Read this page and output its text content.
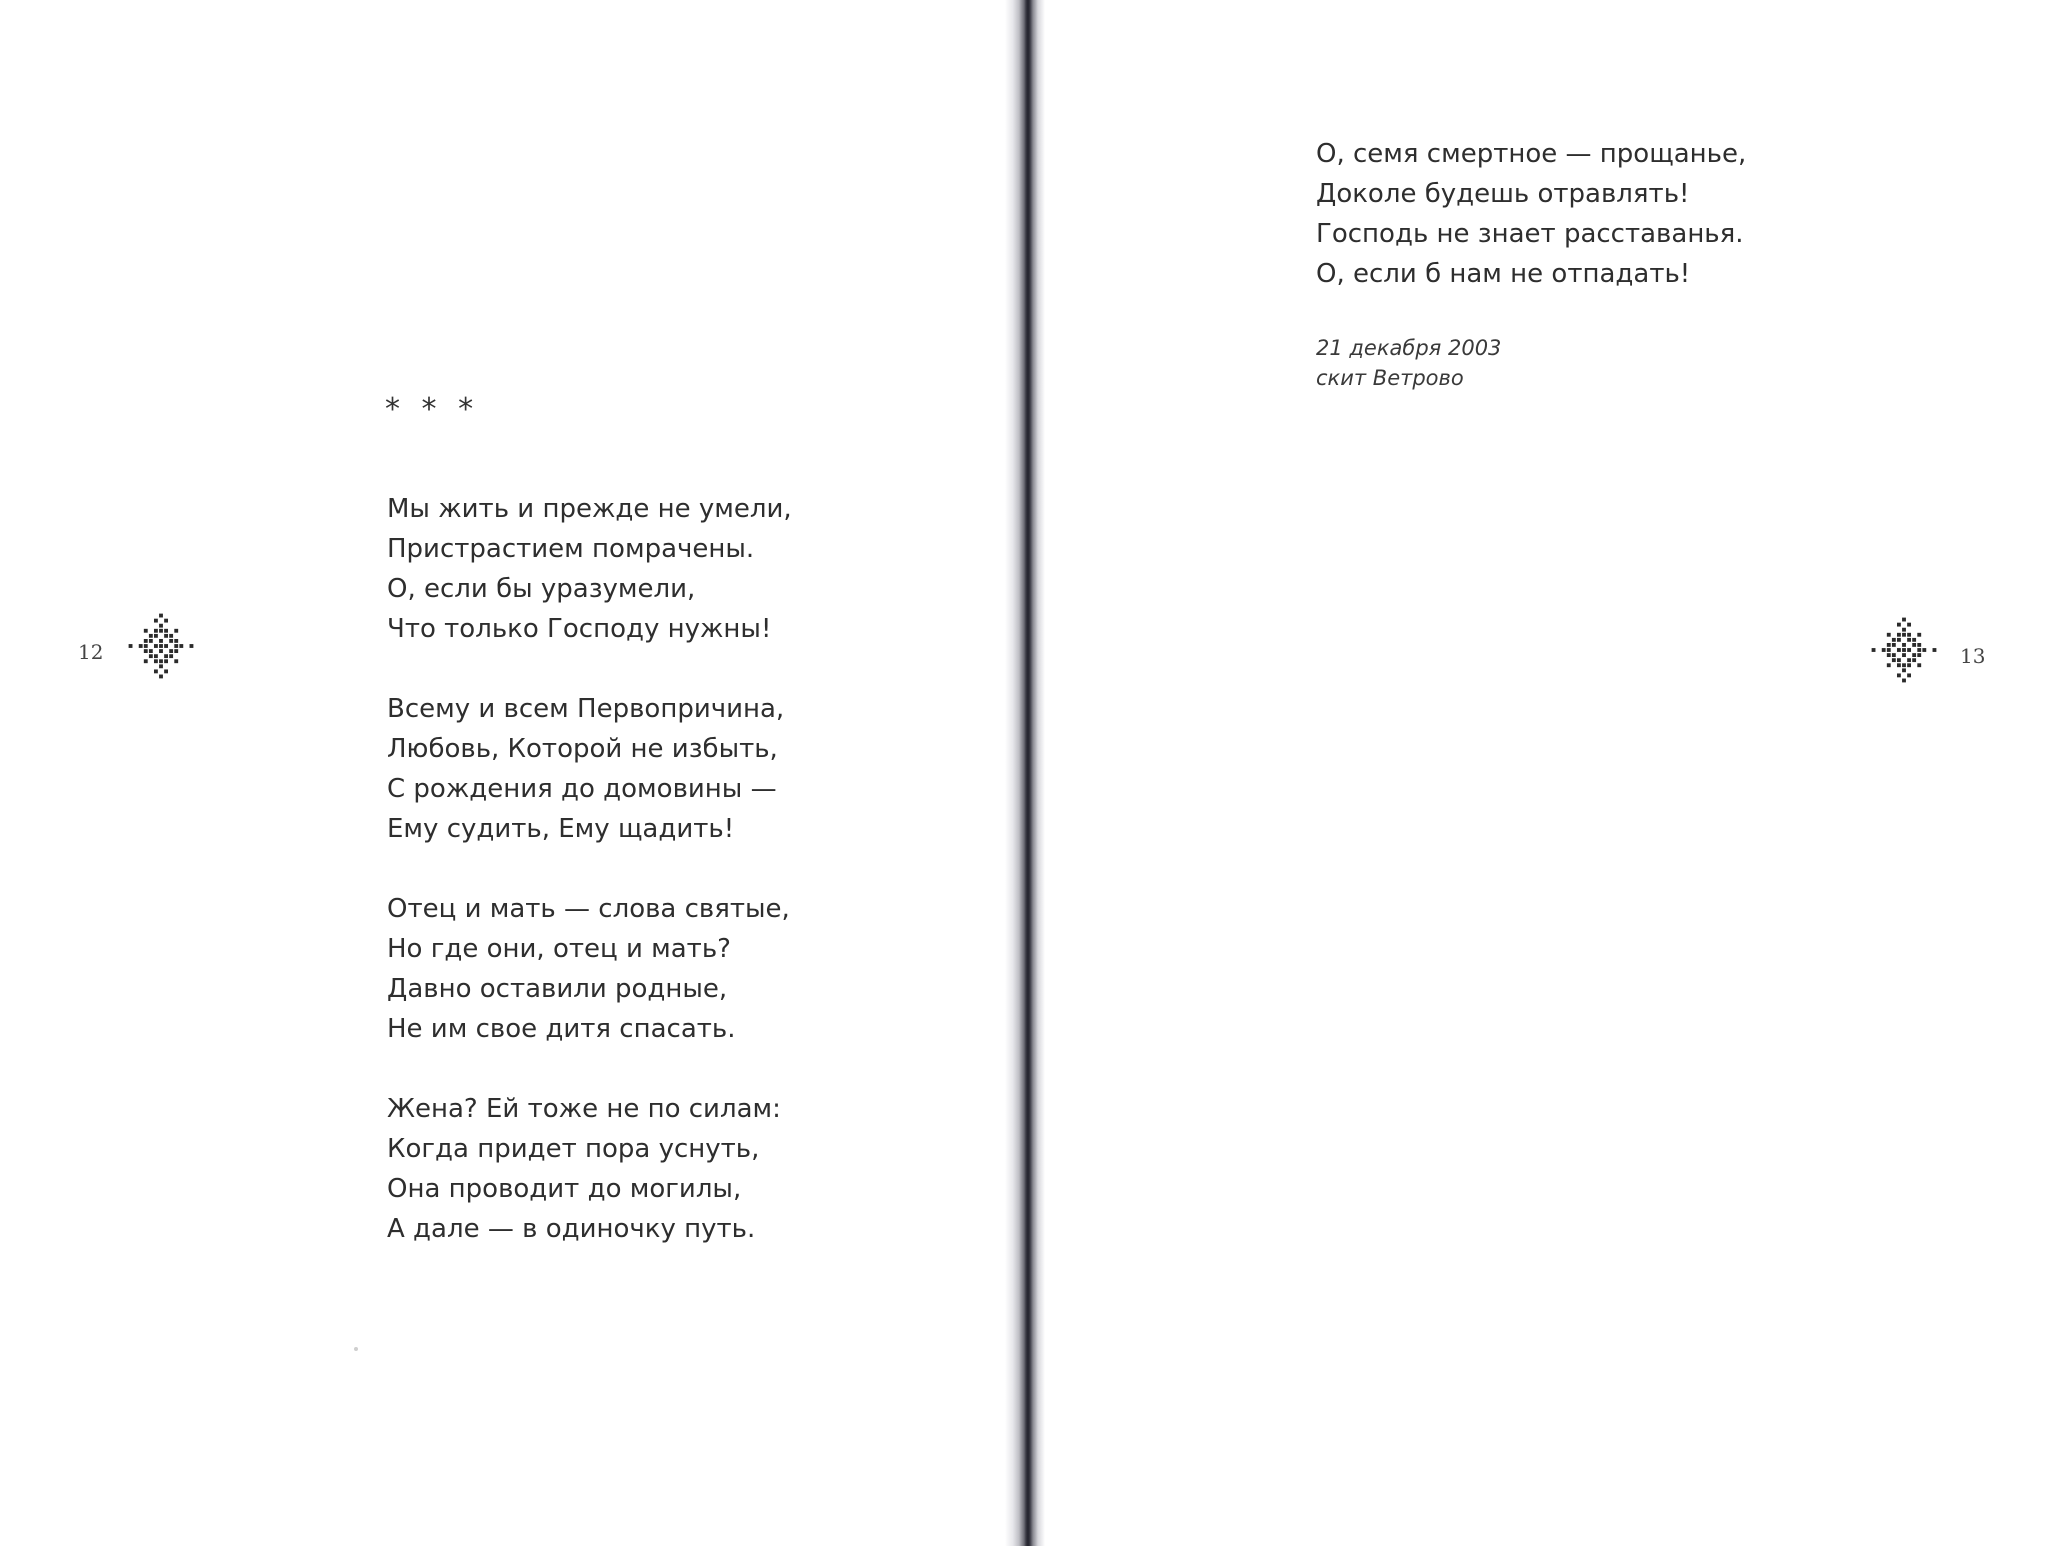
12
* * *
Мы жить и прежде не умели,
Пристрастием помрачены.
О, если бы уразумели,
Что только Господу нужны!
Всему и всем Первопричина,
Любовь, Которой не избыть,
С рождения до домовины —
Ему судить, Ему щадить!
Отец и мать — слова святые,
Но где они, отец и мать?
Давно оставили родные,
Не им свое дитя спасать.
Жена? Ей тоже не по силам:
Когда придет пора уснуть,
Она проводит до могилы,
А дале — в одиночку путь.
О, семя смертное — прощанье,
Доколе будешь отравлять!
Господь не знает расставанья.
О, если б нам не отпадать!
21 декабря 2003
скит Ветрово
13
